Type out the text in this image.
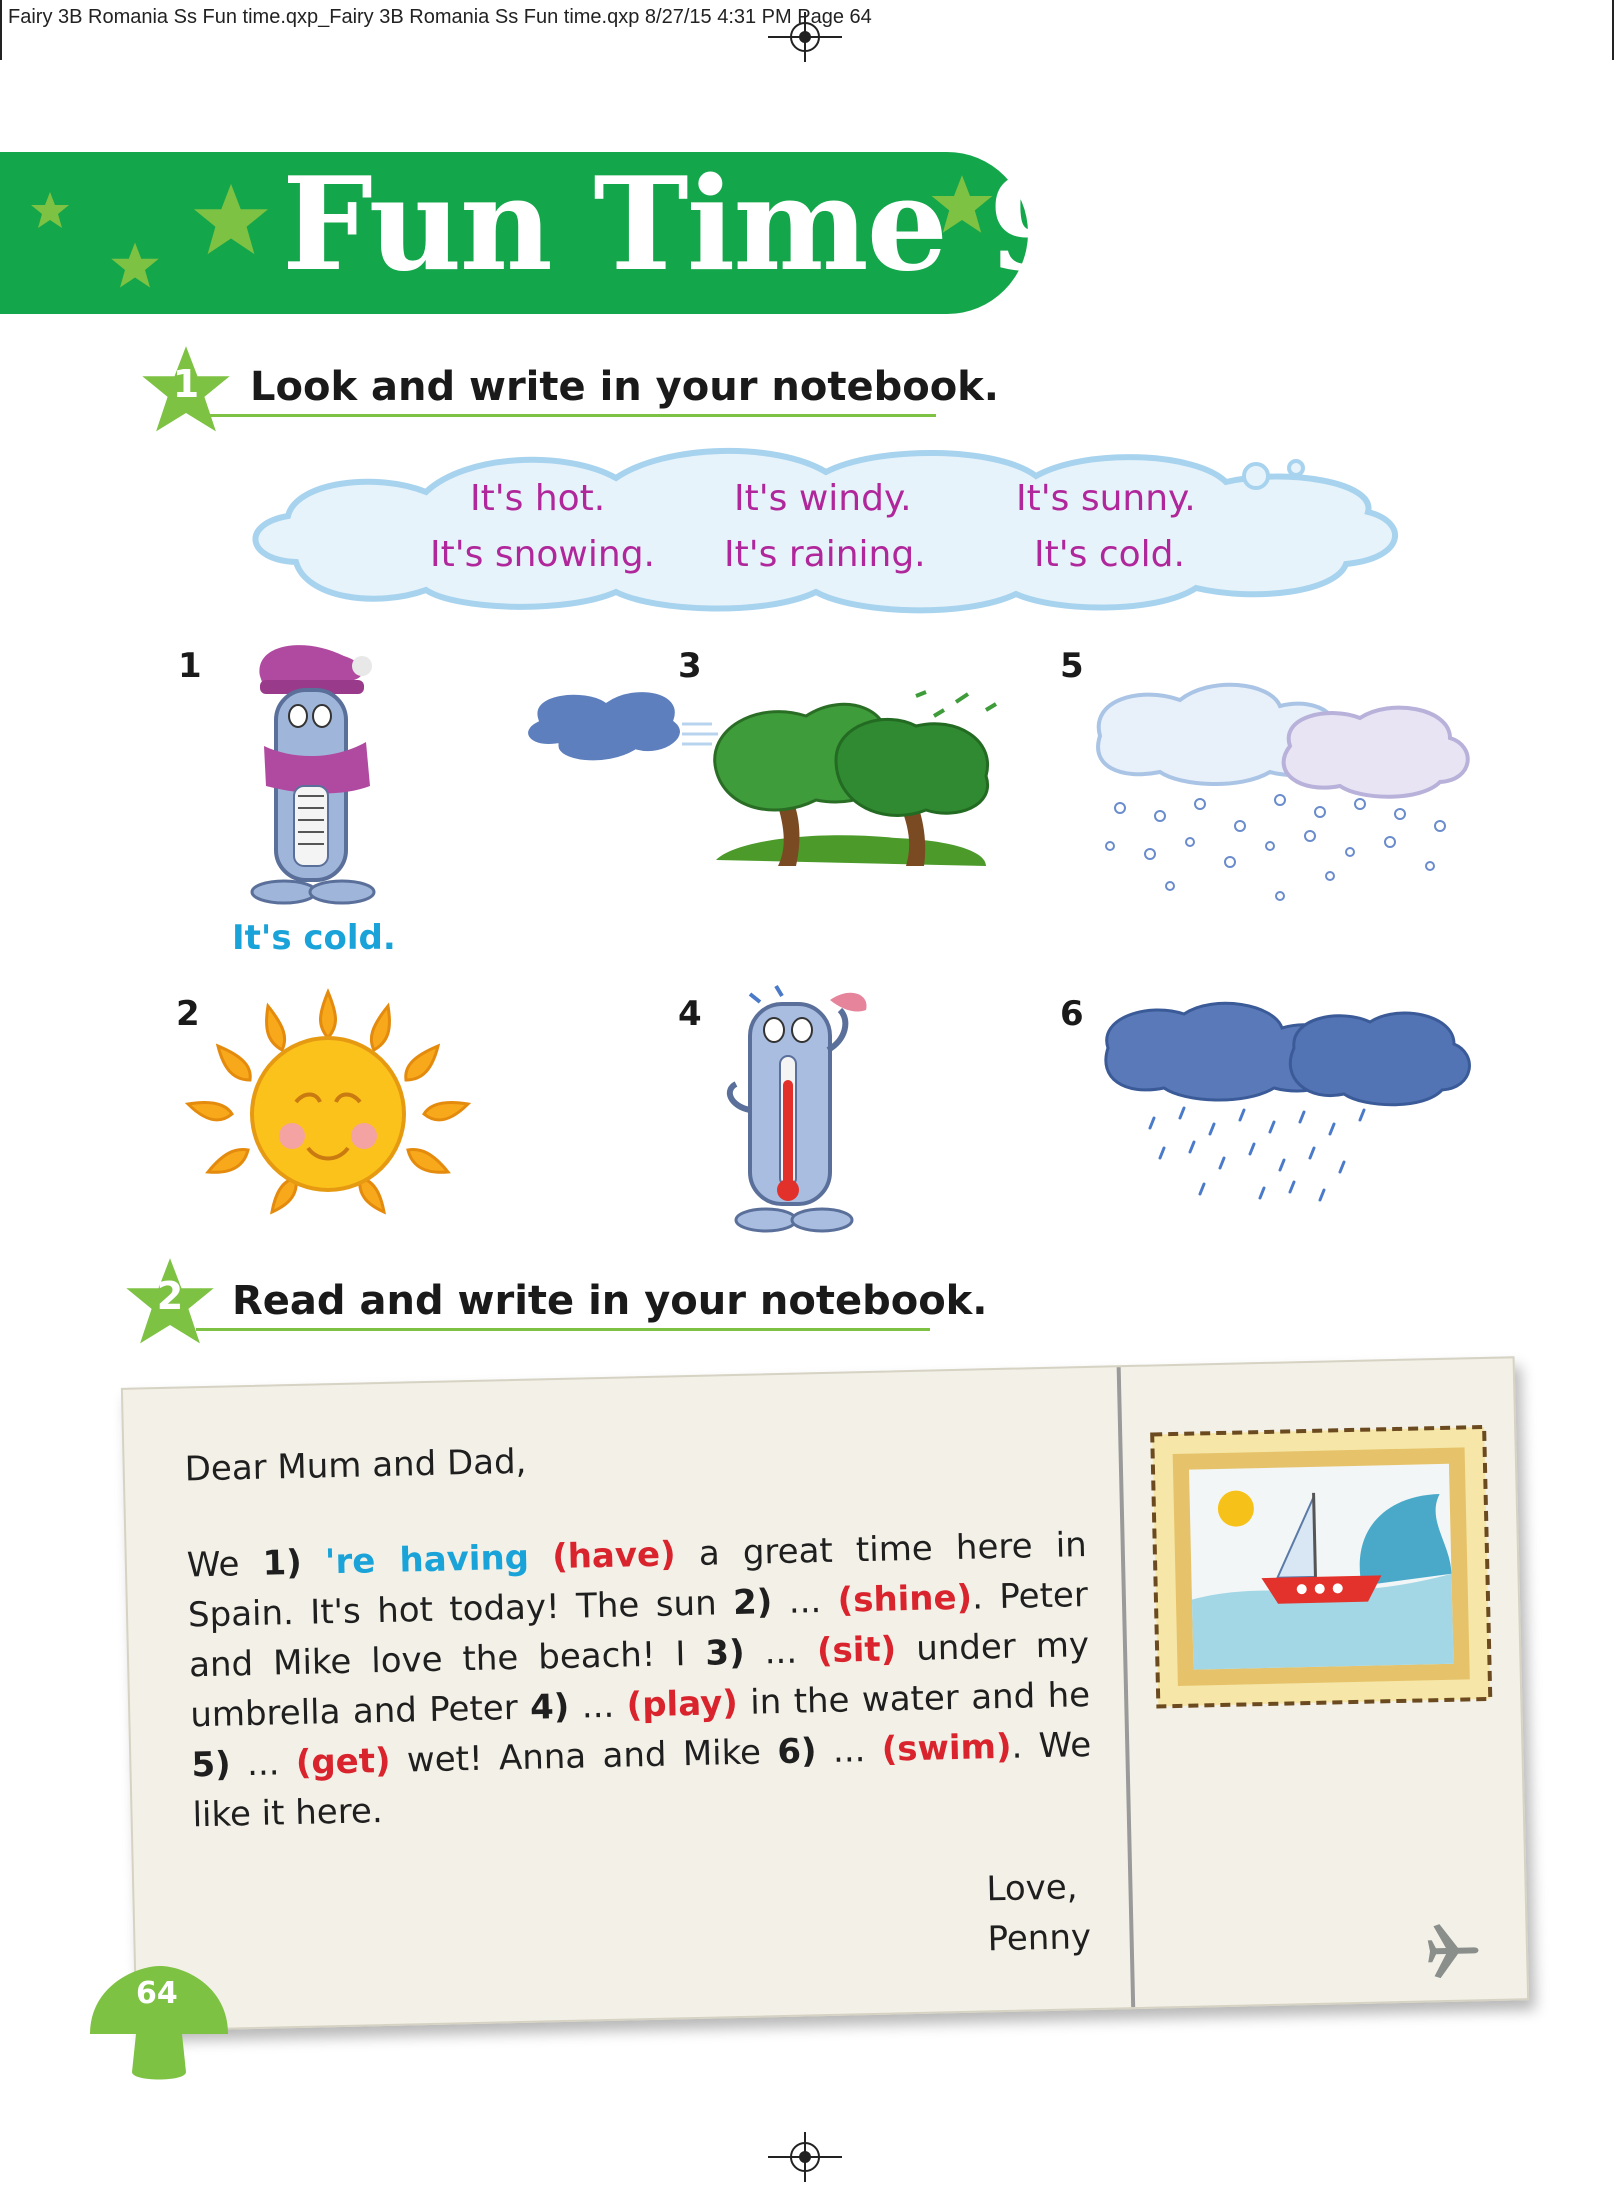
Fairy 3B Romania Ss Fun time.qxp_Fairy 3B Romania Ss Fun time.qxp 8/27/15 4:31 PM Page 64
Fun Time 9
1	Look and write in your notebook.
It's hot.	It's windy.	It's sunny.
It's snowing. It's raining.	It's cold.
1	3	5
2	4	6
It's cold.
2	Read and write in your notebook.
Dear Mum and Dad,
We 1) 're having (have) a great time here in Spain. It's hot today! The sun 2) ... (shine). Peter and Mike love the beach! I 3) ... (sit) under my umbrella and Peter 4) ... (play) in the water and he 5) ... (get) wet! Anna and Mike 6) ... (swim). We like it here.
Love,
Penny
64
